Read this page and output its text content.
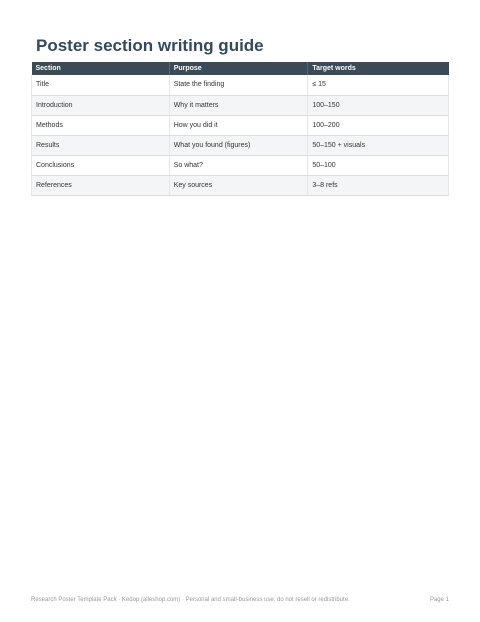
Poster section writing guide
Section	Purpose	Target words
Title	State the finding	≤ 15
Introduction	Why it matters	100–150
Methods	How you did it	100–200
Results	What you found (figures)	50–150 + visuals
Conclusions	So what?	50–100
References	Key sources	3–8 refs
Research Poster Template Pack · Kedop (alleshop.com) · Personal and small-business use; do not resell or redistribute.	Page 1
